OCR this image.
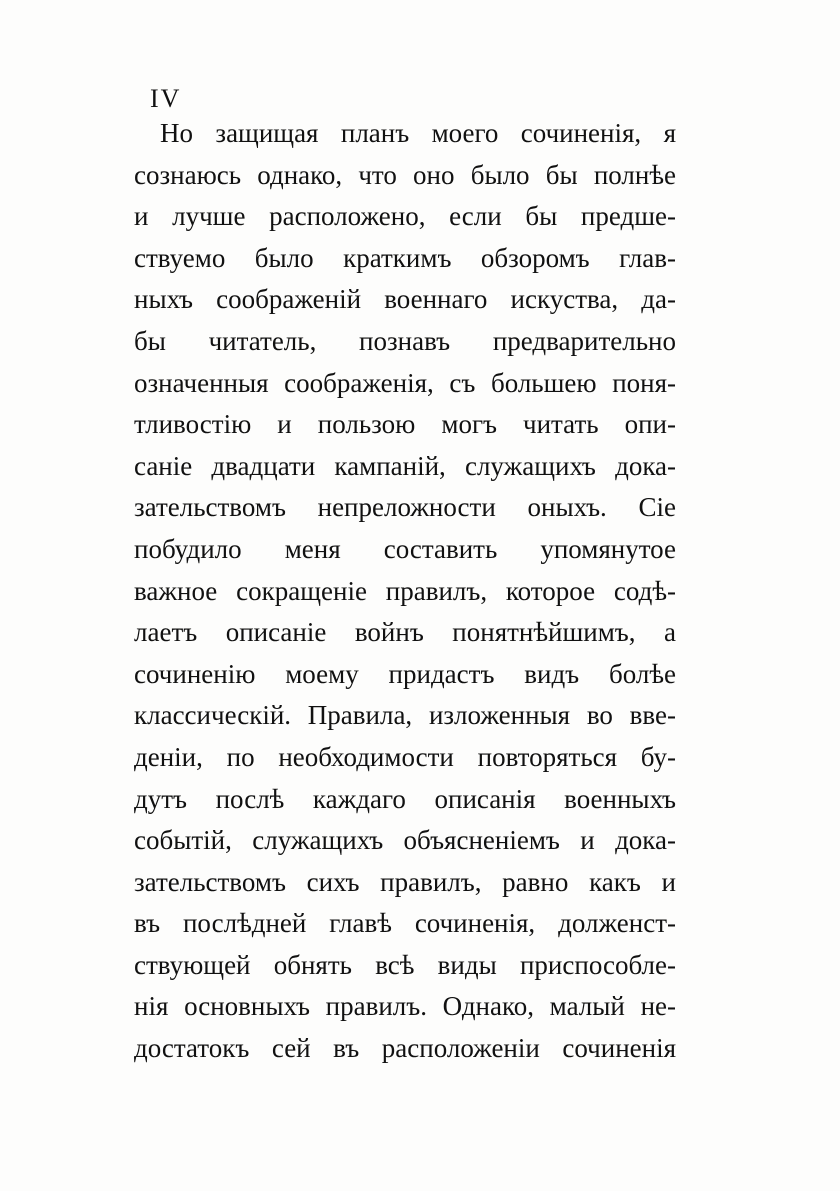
IV
Но защищая планъ моего сочиненія, я
сознаюсь однако, что оно было бы полнѣе
и лучше расположено, если бы предше-
ствуемо было краткимъ обзоромъ глав-
ныхъ соображеній военнаго искуства, да-
бы читатель, познавъ предварительно
означенныя соображенія, съ большею поня-
тливостію и пользою могъ читать опи-
саніе двадцати кампаній, служащихъ дока-
зательствомъ непреложности оныхъ. Сіе
побудило меня составить упомянутое
важное сокращеніе правилъ, которое содѣ-
лаетъ описаніе войнъ понятнѣйшимъ, а
сочиненію моему придастъ видъ болѣе
классическій. Правила, изложенныя во вве-
деніи, по необходимости повторяться бу-
дутъ послѣ каждаго описанія военныхъ
событій, служащихъ объясненіемъ и дока-
зательствомъ сихъ правилъ, равно какъ и
въ послѣдней главѣ сочиненія, долженст-
ствующей обнять всѣ виды приспособле-
нія основныхъ правилъ. Однако, малый не-
достатокъ сей въ расположеніи сочиненія
